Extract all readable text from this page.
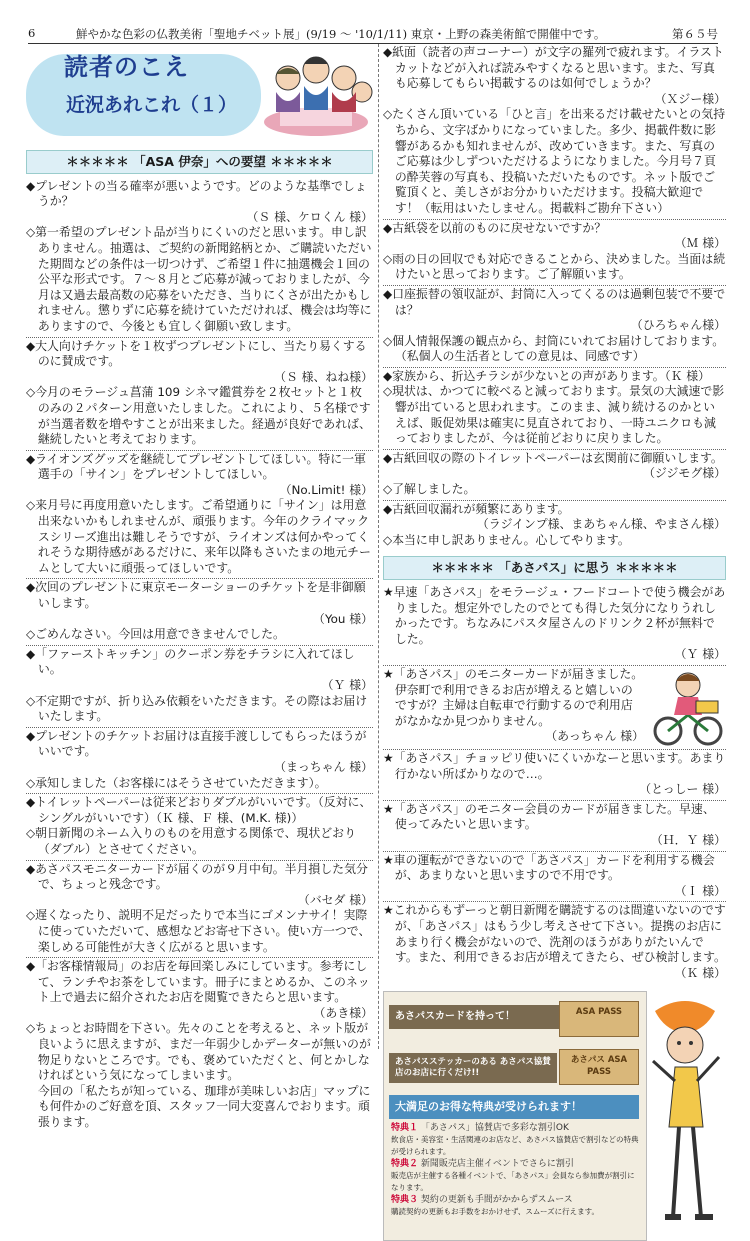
6	鮮やかな色彩の仏教美術「聖地チベット展」(9/19 〜 '10/1/11) 東京・上野の森美術館で開催中です。	第６５号
読者のこえ
近況あれこれ（１）
＊＊＊＊＊ 「ASA 伊奈」への要望 ＊＊＊＊＊

◆プレゼントの当る確率が悪いようです。どのような基準でしょうか？

（Ｓ 様、ケロくん 様）

◇第一希望のプレゼント品が当りにくいのだと思います。申し訳ありません。抽選は、ご契約の新聞銘柄とか、ご購読いただいた期間などの条件は一切つけず、ご希望１件に抽選機会１回の公平な形式です。７〜８月とご応募が減っておりましたが、今月は又過去最高数の応募をいただき、当りにくさが出たかもしれません。懲りずに応募を続けていただければ、機会は均等にありますので、今後とも宜しく御願い致します。

◆大人向けチケットを１枚ずつプレゼントにし、当たり易くするのに賛成です。

（Ｓ 様、ねね様）

◇今月のモラージュ菖蒲 109 シネマ鑑賞券を２枚セットと１枚のみの２パターン用意いたしました。これにより、５名様ですが当選者数を増やすことが出来ました。経過が良好であれば、継続したいと考えております。

◆ライオンズグッズを継続してプレゼントしてほしい。特に一軍選手の「サイン」をプレゼントしてほしい。

（No.Limit! 様）

◇来月号に再度用意いたします。ご希望通りに「サイン」は用意出来ないかもしれませんが、頑張ります。今年のクライマックスシリーズ進出は難しそうですが、ライオンズは何かやってくれそうな期待感があるだけに、来年以降もさいたまの地元チームとして大いに頑張ってほしいです。

◆次回のプレゼントに東京モーターショーのチケットを是非御願いします。

（You 様）

◇ごめんなさい。今回は用意できませんでした。

◆「ファーストキッチン」のクーポン券をチラシに入れてほしい。

（Ｙ 様）

◇不定期ですが、折り込み依頼をいただきます。その際はお届けいたします。

◆プレゼントのチケットお届けは直接手渡ししてもらったほうがいいです。

（まっちゃん 様）

◇承知しました（お客様にはそうさせていただきます）。

◆トイレットペーパーは従来どおりダブルがいいです。（反対に、シングルがいいです）（Ｋ 様、Ｆ 様、(M.K. 様)）

◇朝日新聞のネーム入りのものを用意する関係で、現状どおり（ダブル）とさせてください。

◆あさパスモニターカードが届くのが９月中旬。半月損した気分で、ちょっと残念です。

（バセダ 様）

◇遅くなったり、説明不足だったりで本当にゴメンナサイ！実際に使っていただいて、感想などお寄せ下さい。使い方一つで、楽しめる可能性が大きく広がると思います。

◆「お客様情報局」のお店を毎回楽しみにしています。参考にして、ランチやお茶をしています。冊子にまとめるか、このネット上で過去に紹介されたお店を閲覧できたらと思います。

（あき様）

◇ちょっとお時間を下さい。先々のことを考えると、ネット版が良いように思えますが、まだ一年弱少しかデーターが無いのが物足りないところです。でも、褒めていただくと、何とかしなければという気になってしまいます。

今回の「私たちが知っている、珈琲が美味しいお店」マップにも何件かのご好意を頂、スタッフ一同大変喜んでおります。頑張ります。

◆紙面（読者の声コーナー）が文字の羅列で疲れます。イラストカットなどが入れば読みやすくなると思います。また、写真も応募してもらい掲載するのは如何でしょうか？

（Ｘジー様）

◇たくさん頂いている「ひと言」を出来るだけ載せたいとの気持ちから、文字ばかりになっていました。多少、掲載件数に影響があるかも知れませんが、改めていきます。また、写真のご応募は少しずついただけるようになりました。今月号７頁の酔芙蓉の写真も、投稿いただいたものです。ネット版でご覧頂くと、美しさがお分かりいただけます。投稿大歓迎です！（転用はいたしません。掲載料ご勘弁下さい）

◆古紙袋を以前のものに戻せないですか？

（Ｍ 様）

◇雨の日の回収でも対応できることから、決めました。当面は続けたいと思っております。ご了解願います。

◆口座振替の領収証が、封筒に入ってくるのは過剰包装で不要では？

（ひろちゃん様）

◇個人情報保護の観点から、封筒にいれてお届けしております。（私個人の生活者としての意見は、同感です）

◆家族から、折込チラシが少ないとの声があります。（Ｋ 様）

◇現状は、かつてに較べると減っております。景気の大減速で影響が出ていると思われます。このまま、減り続けるのかといえば、販促効果は確実に見直されており、一時ユニクロも減っておりましたが、今は従前どおりに戻りました。

◆古紙回収の際のトイレットペーパーは玄関前に御願いします。

（ジジモグ様）

◇了解しました。

◆古紙回収漏れが頻繁にあります。

（ラジインプ様、まあちゃん様、やまさん様）

◇本当に申し訳ありません。心してやります。

＊＊＊＊＊ 「あさパス」に思う ＊＊＊＊＊

★早速「あさパス」をモラージュ・フードコートで使う機会がありました。想定外でしたのでとても得した気分になりうれしかったです。ちなみにパスタ屋さんのドリンク２杯が無料でした。

（Ｙ 様）

★「あさパス」のモニターカードが届きました。伊奈町で利用できるお店が増えると嬉しいのですが？主婦は自転車で行動するので利用店がなかなか見つかりません。

（あっちゃん 様）

★「あさパス」チョッピリ使いにくいかなーと思います。あまり行かない所ばかりなので…。

（とっしー 様）

★「あさパス」のモニター会員のカードが届きました。早速、使ってみたいと思います。

（Ｈ．Ｙ 様）

★車の運転ができないので「あさパス」カードを利用する機会が、あまりないと思いますので不用です。

（Ｉ 様）

★これからもずーっと朝日新聞を購読するのは間違いないのですが、「あさパス」はもう少し考えさせて下さい。提携のお店にあまり行く機会がないので、洗剤のほうがありがたいんです。また、利用できるお店が増えてきたら、ぜひ検討します。

（Ｋ 様）
あさパスカードを持って！	ASA PASS
あさパスステッカーのある あさパス協賛店のお店に行くだけ!!
あさパス ASA PASS
大満足のお得な特典が受けられます！
特典１ 「あさパス」協賛店で多彩な割引OK
飲食店・美容室・生活関連のお店など、あさパス協賛店で割引などの特典が受けられます。
特典２ 新聞販売店主催イベントでさらに割引
販売店が主催する各種イベントで、「あさパス」会員なら参加費が割引になります。
特典３ 契約の更新も手間がかからずスムース
購読契約の更新もお手数をおかけせず、スムーズに行えます。
